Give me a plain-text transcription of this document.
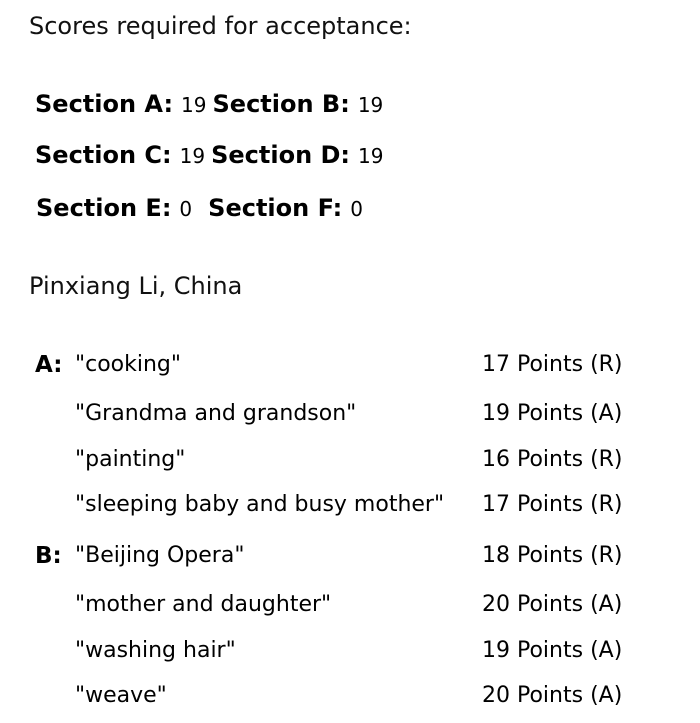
Scores required for acceptance:
Section A: 19 Section B: 19
Section C: 19 Section D: 19
Section E: 0 Section F: 0
Pinxiang Li, China
A: "cooking"	17 Points (R)
"Grandma and grandson"	19 Points (A)
"painting"	16 Points (R)
"sleeping baby and busy mother" 17 Points (R)
B: "Beijing Opera"	18 Points (R)
"mother and daughter"	20 Points (A)
"washing hair"	19 Points (A)
"weave"	20 Points (A)
